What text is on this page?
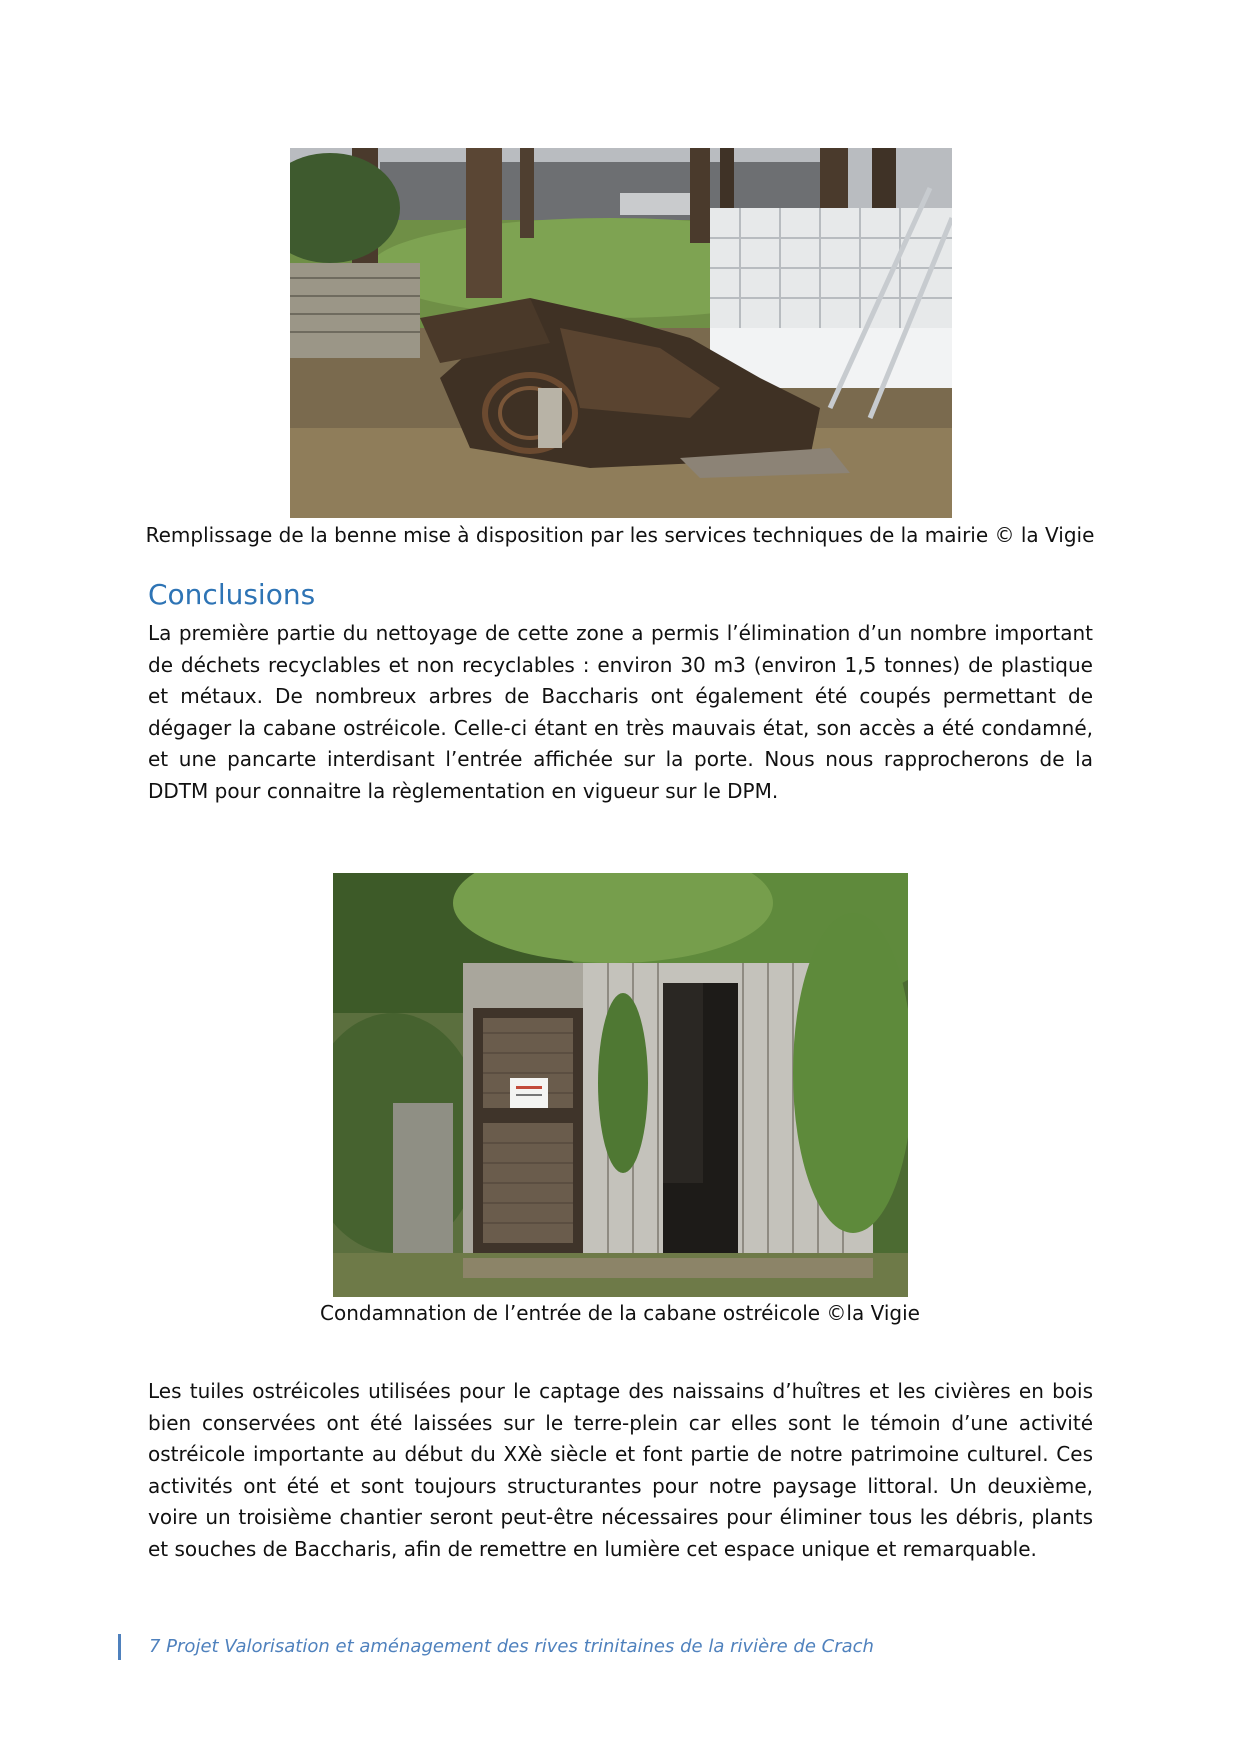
Remplissage de la benne mise à disposition par les services techniques de la mairie © la Vigie

Conclusions

La première partie du nettoyage de cette zone a permis l’élimination d’un nombre important de déchets recyclables et non recyclables : environ 30 m3 (environ 1,5 tonnes) de plastique et métaux. De nombreux arbres de Baccharis ont également été coupés permettant de dégager la cabane ostréicole. Celle-ci étant en très mauvais état, son accès a été condamné, et une pancarte interdisant l’entrée affichée sur la porte. Nous nous rapprocherons de la DDTM pour connaitre la règlementation en vigueur sur le DPM.

Condamnation de l’entrée de la cabane ostréicole ©la Vigie

Les tuiles ostréicoles utilisées pour le captage des naissains d’huîtres et les civières en bois bien conservées ont été laissées sur le terre-plein car elles sont le témoin d’une activité ostréicole importante au début du XXè siècle et font partie de notre patrimoine culturel. Ces activités ont été et sont toujours structurantes pour notre paysage littoral. Un deuxième, voire un troisième chantier seront peut-être nécessaires pour éliminer tous les débris, plants et souches de Baccharis, afin de remettre en lumière cet espace unique et remarquable.

7 Projet Valorisation et aménagement des rives trinitaines de la rivière de Crach
